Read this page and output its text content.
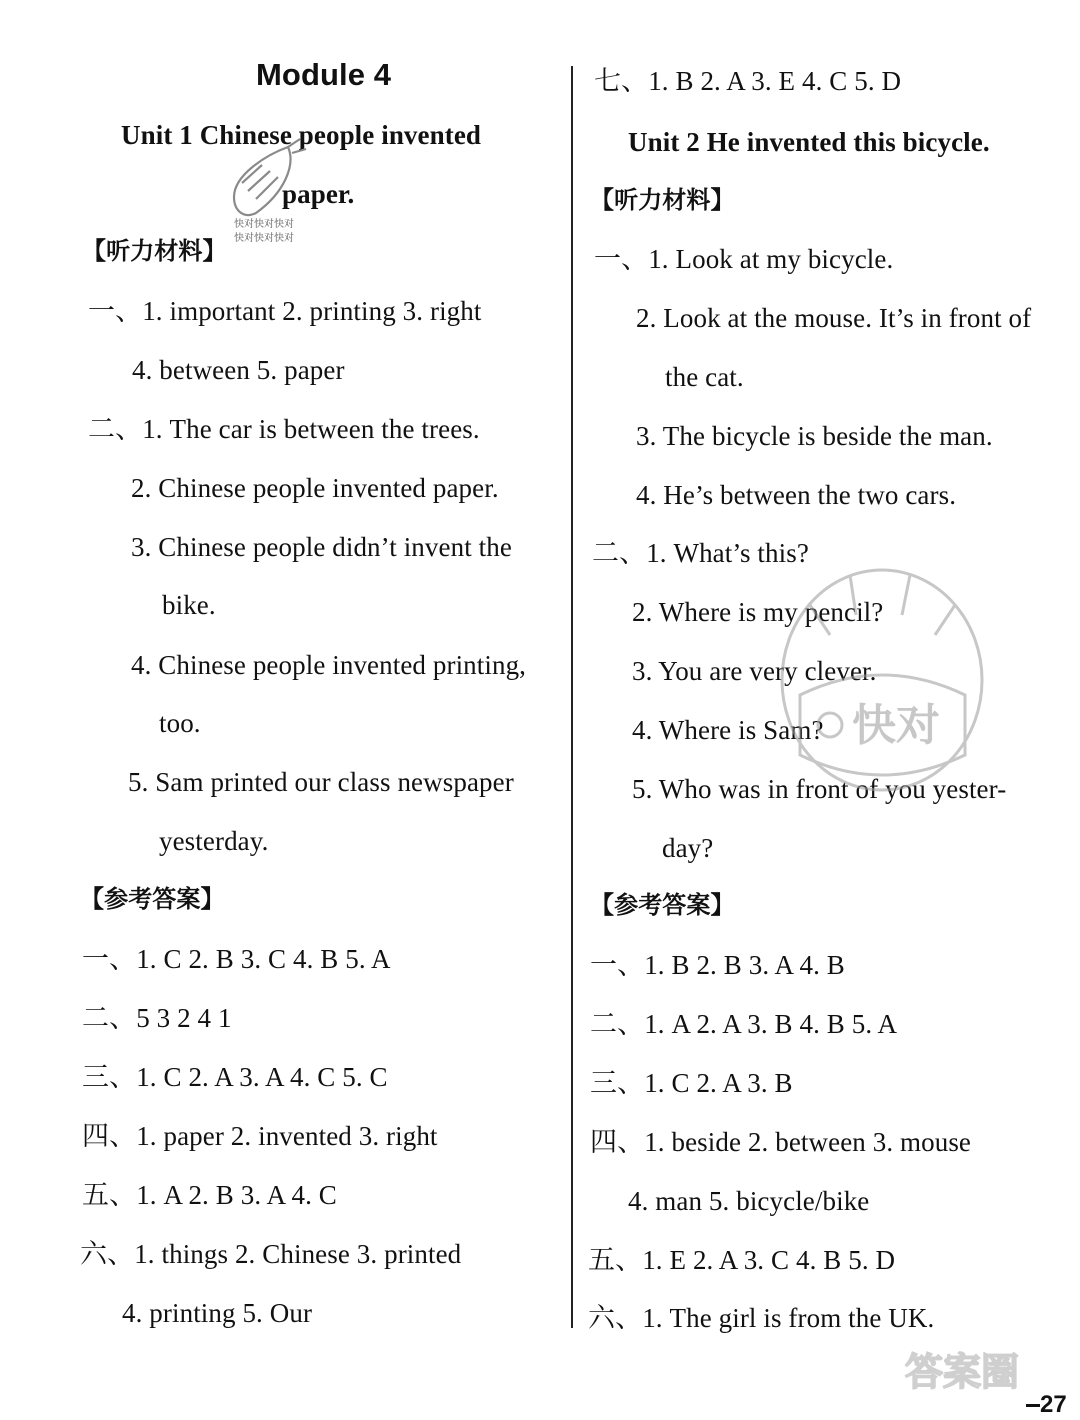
Module 4
Unit 1 Chinese people invented
paper.
快对快对快对
快对快对快对
【听力材料】
一、1. important 2. printing 3. right
4. between 5. paper
二、1. The car is between the trees.
2. Chinese people invented paper.
3. Chinese people didn’t invent the
bike.
4. Chinese people invented printing,
too.
5. Sam printed our class newspaper
yesterday.
【参考答案】
一、1. C 2. B 3. C 4. B 5. A
二、5 3 2 4 1
三、1. C 2. A 3. A 4. C 5. C
四、1. paper 2. invented 3. right
五、1. A 2. B 3. A 4. C
六、1. things 2. Chinese 3. printed
4. printing 5. Our
七、1. B 2. A 3. E 4. C 5. D
Unit 2 He invented this bicycle.
【听力材料】
一、1. Look at my bicycle.
2. Look at the mouse. It’s in front of
the cat.
3. The bicycle is beside the man.
4. He’s between the two cars.
二、1. What’s this?
2. Where is my pencil?
3. You are very clever.
4. Where is Sam?
5. Who was in front of you yester-
day?
快对
【参考答案】
一、1. B 2. B 3. A 4. B
二、1. A 2. A 3. B 4. B 5. A
三、1. C 2. A 3. B
四、1. beside 2. between 3. mouse
4. man 5. bicycle/bike
五、1. E 2. A 3. C 4. B 5. D
六、1. The girl is from the UK.
答案圈
27
